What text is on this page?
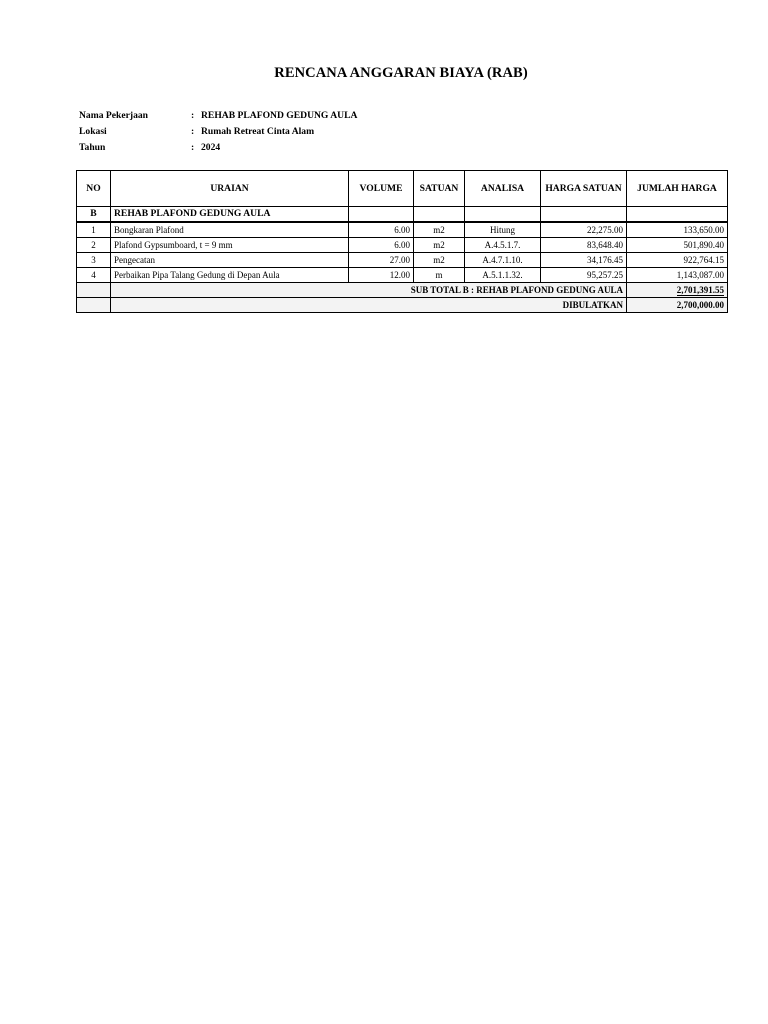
RENCANA ANGGARAN BIAYA (RAB)
Nama Pekerjaan	: REHAB PLAFOND GEDUNG AULA
Lokasi	: Rumah Retreat Cinta Alam
Tahun	: 2024
NO	URAIAN	VOLUME	SATUAN	ANALISA	HARGA SATUAN	JUMLAH HARGA
B	REHAB PLAFOND GEDUNG AULA					
1	Bongkaran Plafond	6.00	m2	Hitung	22,275.00	133,650.00
2	Plafond Gypsumboard, t = 9 mm	6.00	m2	A.4.5.1.7.	83,648.40	501,890.40
3	Pengecatan	27.00	m2	A.4.7.1.10.	34,176.45	922,764.15
4	Perbaikan Pipa Talang Gedung di Depan Aula	12.00	m	A.5.1.1.32.	95,257.25	1,143,087.00
	SUB TOTAL B : REHAB PLAFOND GEDUNG AULA					2,701,391.55
	DIBULATKAN					2,700,000.00
